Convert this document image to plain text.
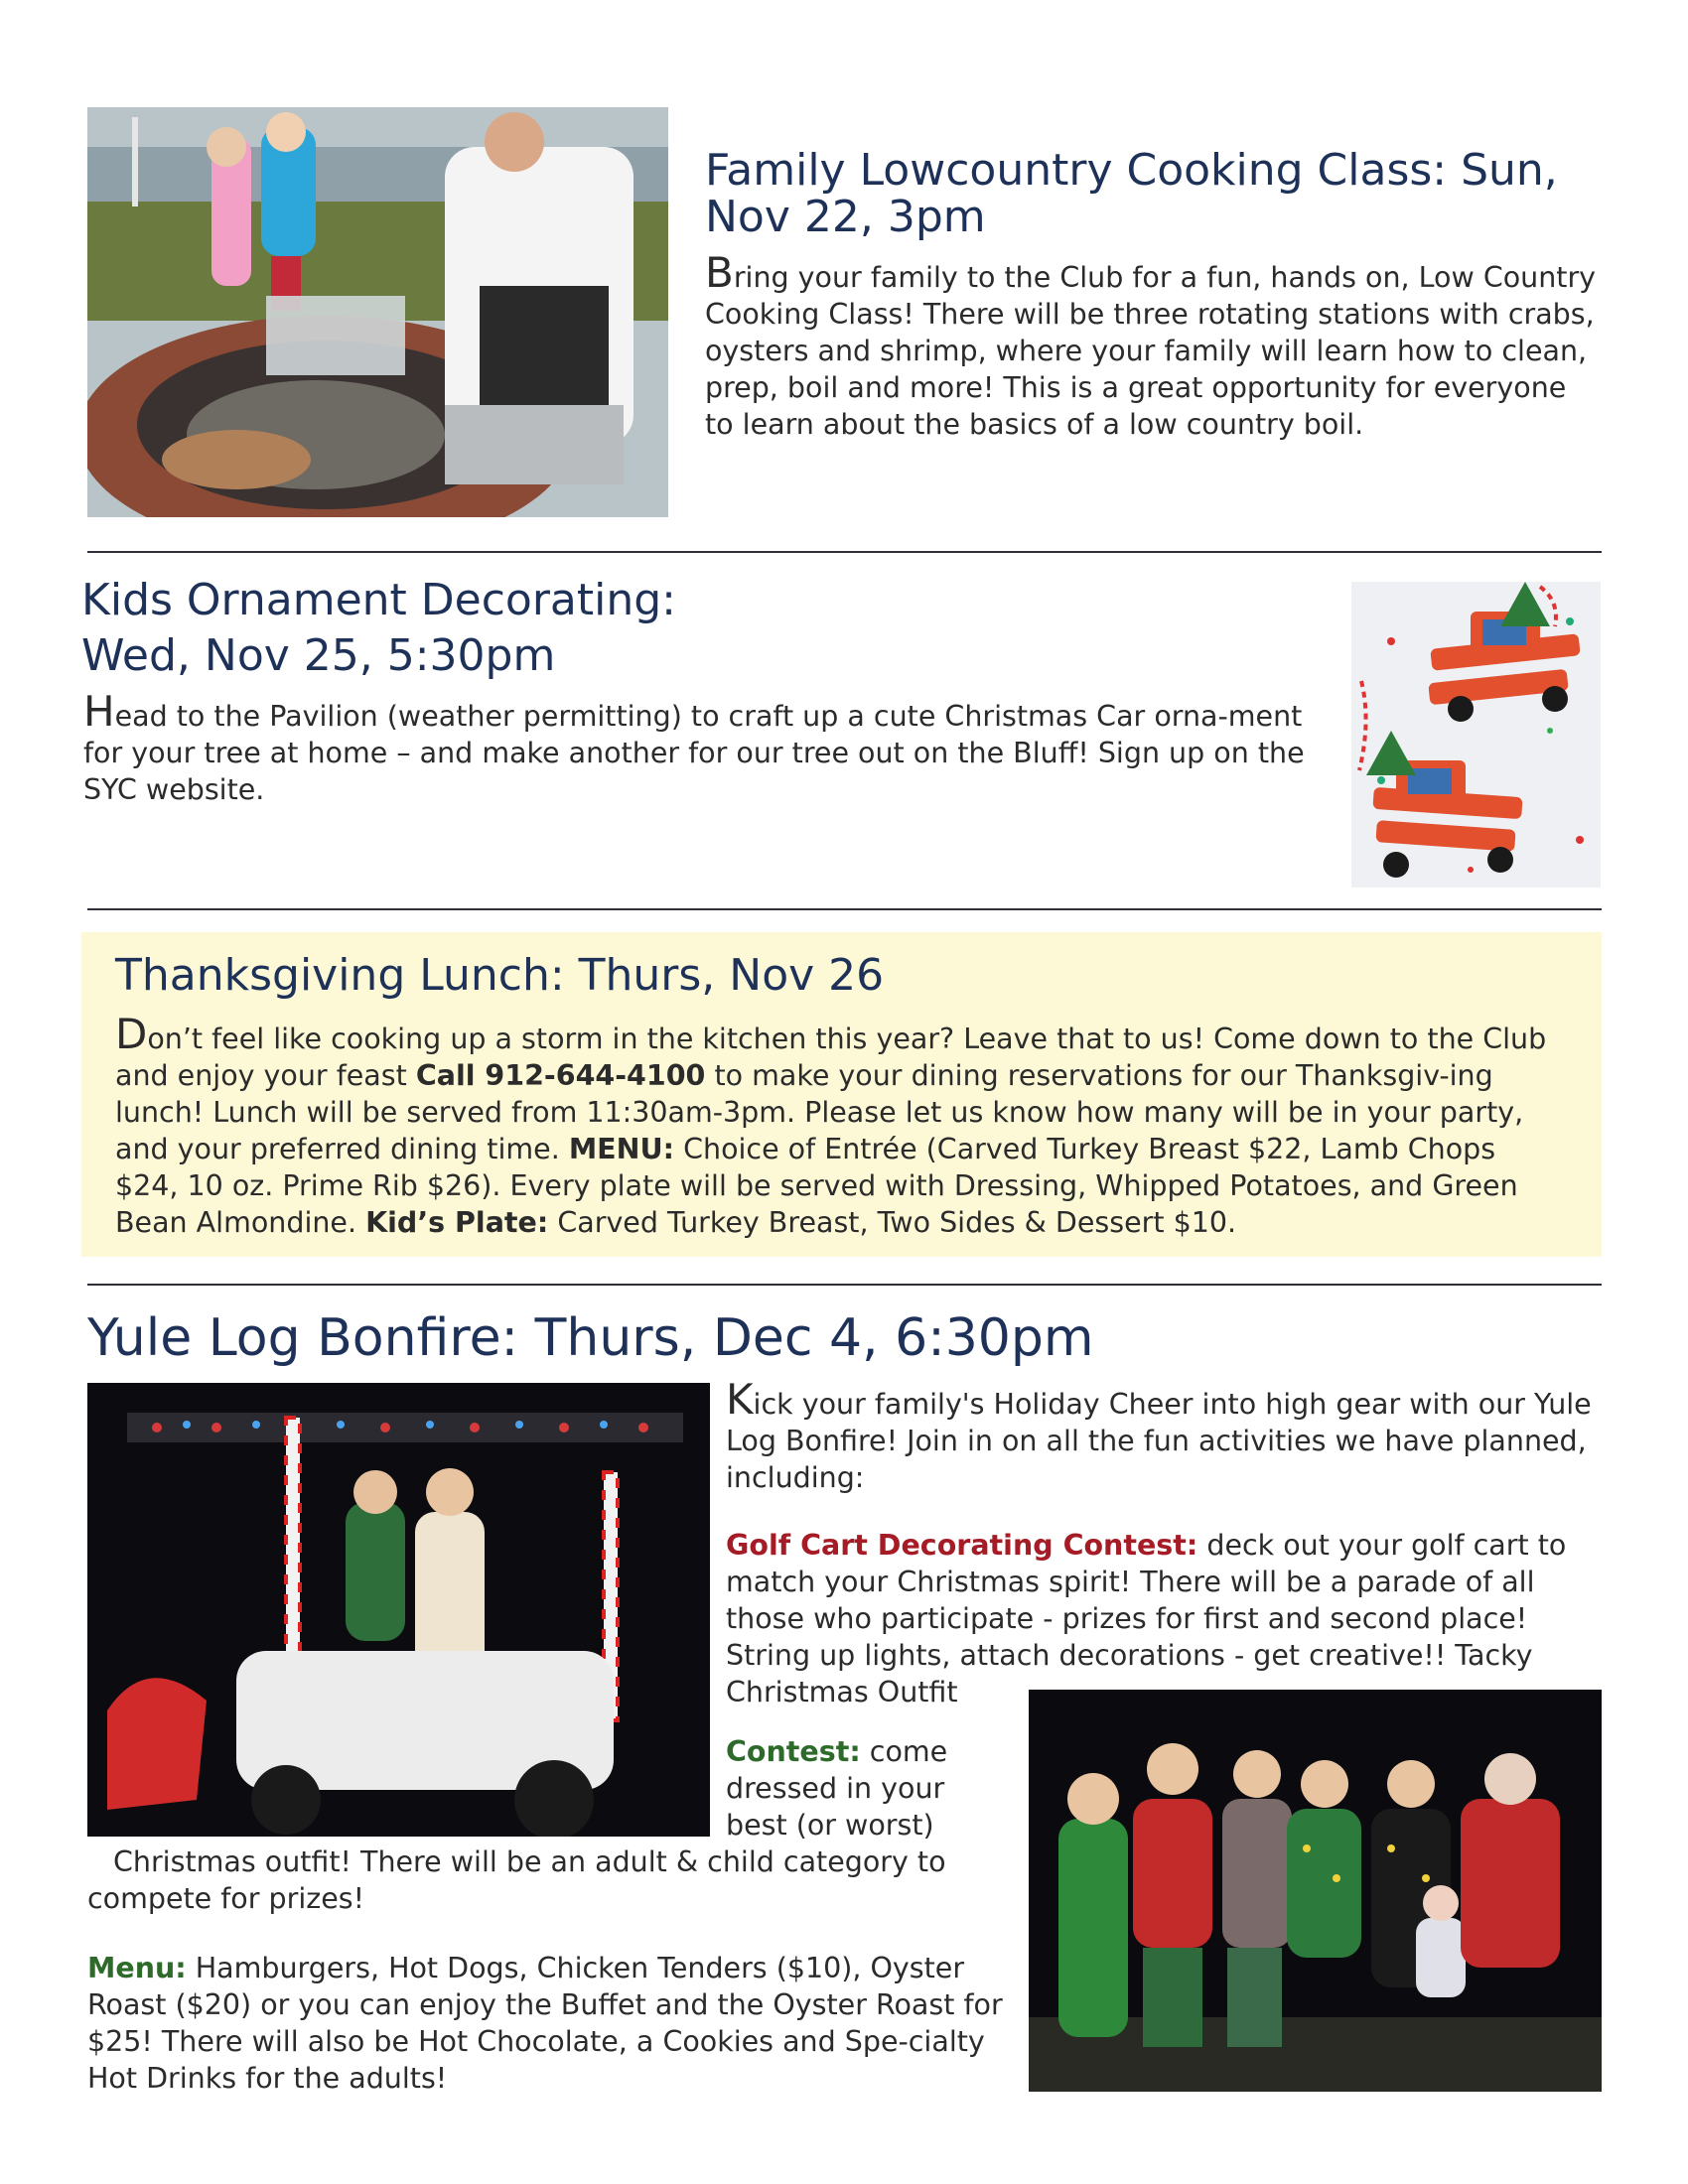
Family Lowcountry Cooking Class: Sun, Nov 22, 3pm

Bring your family to the Club for a fun, hands on, Low Country Cooking Class! There will be three rotating stations with crabs, oysters and shrimp, where your family will learn how to clean, prep, boil and more! This is a great opportunity for everyone to learn about the basics of a low country boil.

Kids Ornament Decorating:
Wed, Nov 25, 5:30pm

Head to the Pavilion (weather permitting) to craft up a cute Christmas Car orna-ment for your tree at home – and make another for our tree out on the Bluff! Sign up on the SYC website.

Thanksgiving Lunch: Thurs, Nov 26

Don’t feel like cooking up a storm in the kitchen this year? Leave that to us! Come down to the Club and enjoy your feast Call 912-644-4100 to make your dining reservations for our Thanksgiv-ing lunch! Lunch will be served from 11:30am-3pm. Please let us know how many will be in your party, and your preferred dining time. MENU: Choice of Entrée (Carved Turkey Breast $22, Lamb Chops $24, 10 oz. Prime Rib $26). Every plate will be served with Dressing, Whipped Potatoes, and Green Bean Almondine. Kid’s Plate: Carved Turkey Breast, Two Sides & Dessert $10.

Yule Log Bonfire: Thurs, Dec 4, 6:30pm

Kick your family's Holiday Cheer into high gear with our Yule Log Bonfire! Join in on all the fun activities we have planned, including:

Golf Cart Decorating Contest: deck out your golf cart to match your Christmas spirit! There will be a parade of all those who participate - prizes for first and second place! String up lights, attach decorations - get creative!! Tacky Christmas Outfit

Contest: come dressed in your best (or worst)

Christmas outfit! There will be an adult & child category to compete for prizes!

Menu: Hamburgers, Hot Dogs, Chicken Tenders ($10), Oyster Roast ($20) or you can enjoy the Buffet and the Oyster Roast for $25! There will also be Hot Chocolate, a Cookies and Spe-cialty Hot Drinks for the adults!
